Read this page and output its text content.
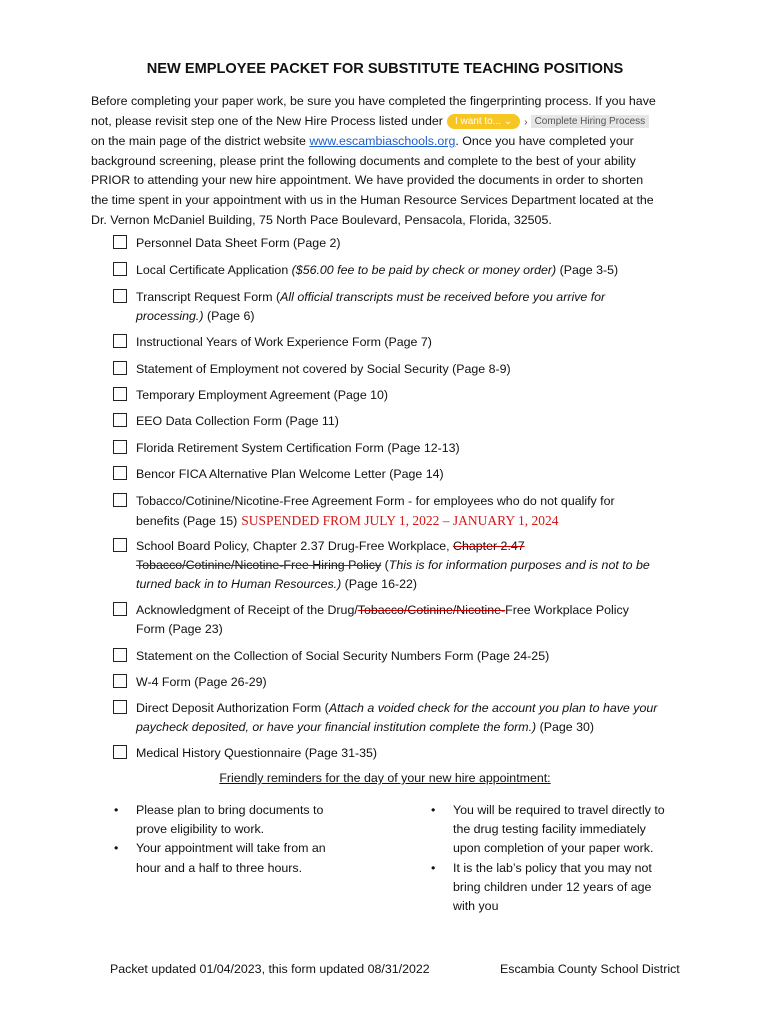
NEW EMPLOYEE PACKET FOR SUBSTITUTE TEACHING POSITIONS
Before completing your paper work, be sure you have completed the fingerprinting process. If you have
not, please revisit step one of the New Hire Process listed under I want to... ⌄ › Complete Hiring Process
on the main page of the district website www.escambiaschools.org. Once you have completed your
background screening, please print the following documents and complete to the best of your ability
PRIOR to attending your new hire appointment. We have provided the documents in order to shorten
the time spent in your appointment with us in the Human Resource Services Department located at the
Dr. Vernon McDaniel Building, 75 North Pace Boulevard, Pensacola, Florida, 32505.
Personnel Data Sheet Form (Page 2)
Local Certificate Application ($56.00 fee to be paid by check or money order) (Page 3-5)
Transcript Request Form (All official transcripts must be received before you arrive for
processing.) (Page 6)
Instructional Years of Work Experience Form (Page 7)
Statement of Employment not covered by Social Security (Page 8-9)
Temporary Employment Agreement (Page 10)
EEO Data Collection Form (Page 11)
Florida Retirement System Certification Form (Page 12-13)
Bencor FICA Alternative Plan Welcome Letter (Page 14)
Tobacco/Cotinine/Nicotine-Free Agreement Form - for employees who do not qualify for
benefits (Page 15) SUSPENDED FROM JULY 1, 2022 – JANUARY 1, 2024
School Board Policy, Chapter 2.37 Drug-Free Workplace, Chapter 2.47
Tobacco/Cotinine/Nicotine-Free Hiring Policy (This is for information purposes and is not to be
turned back in to Human Resources.) (Page 16-22)
Acknowledgment of Receipt of the Drug/Tobacco/Cotinine/Nicotine-Free Workplace Policy
Form (Page 23)
Statement on the Collection of Social Security Numbers Form (Page 24-25)
W-4 Form (Page 26-29)
Direct Deposit Authorization Form (Attach a voided check for the account you plan to have your
paycheck deposited, or have your financial institution complete the form.) (Page 30)
Medical History Questionnaire (Page 31-35)
Friendly reminders for the day of your new hire appointment:
• Please plan to bring documents to
prove eligibility to work.
• Your appointment will take from an
hour and a half to three hours.
• You will be required to travel directly to
the drug testing facility immediately
upon completion of your paper work.
• It is the lab’s policy that you may not
bring children under 12 years of age
with you
Packet updated 01/04/2023, this form updated 08/31/2022	Escambia County School District
